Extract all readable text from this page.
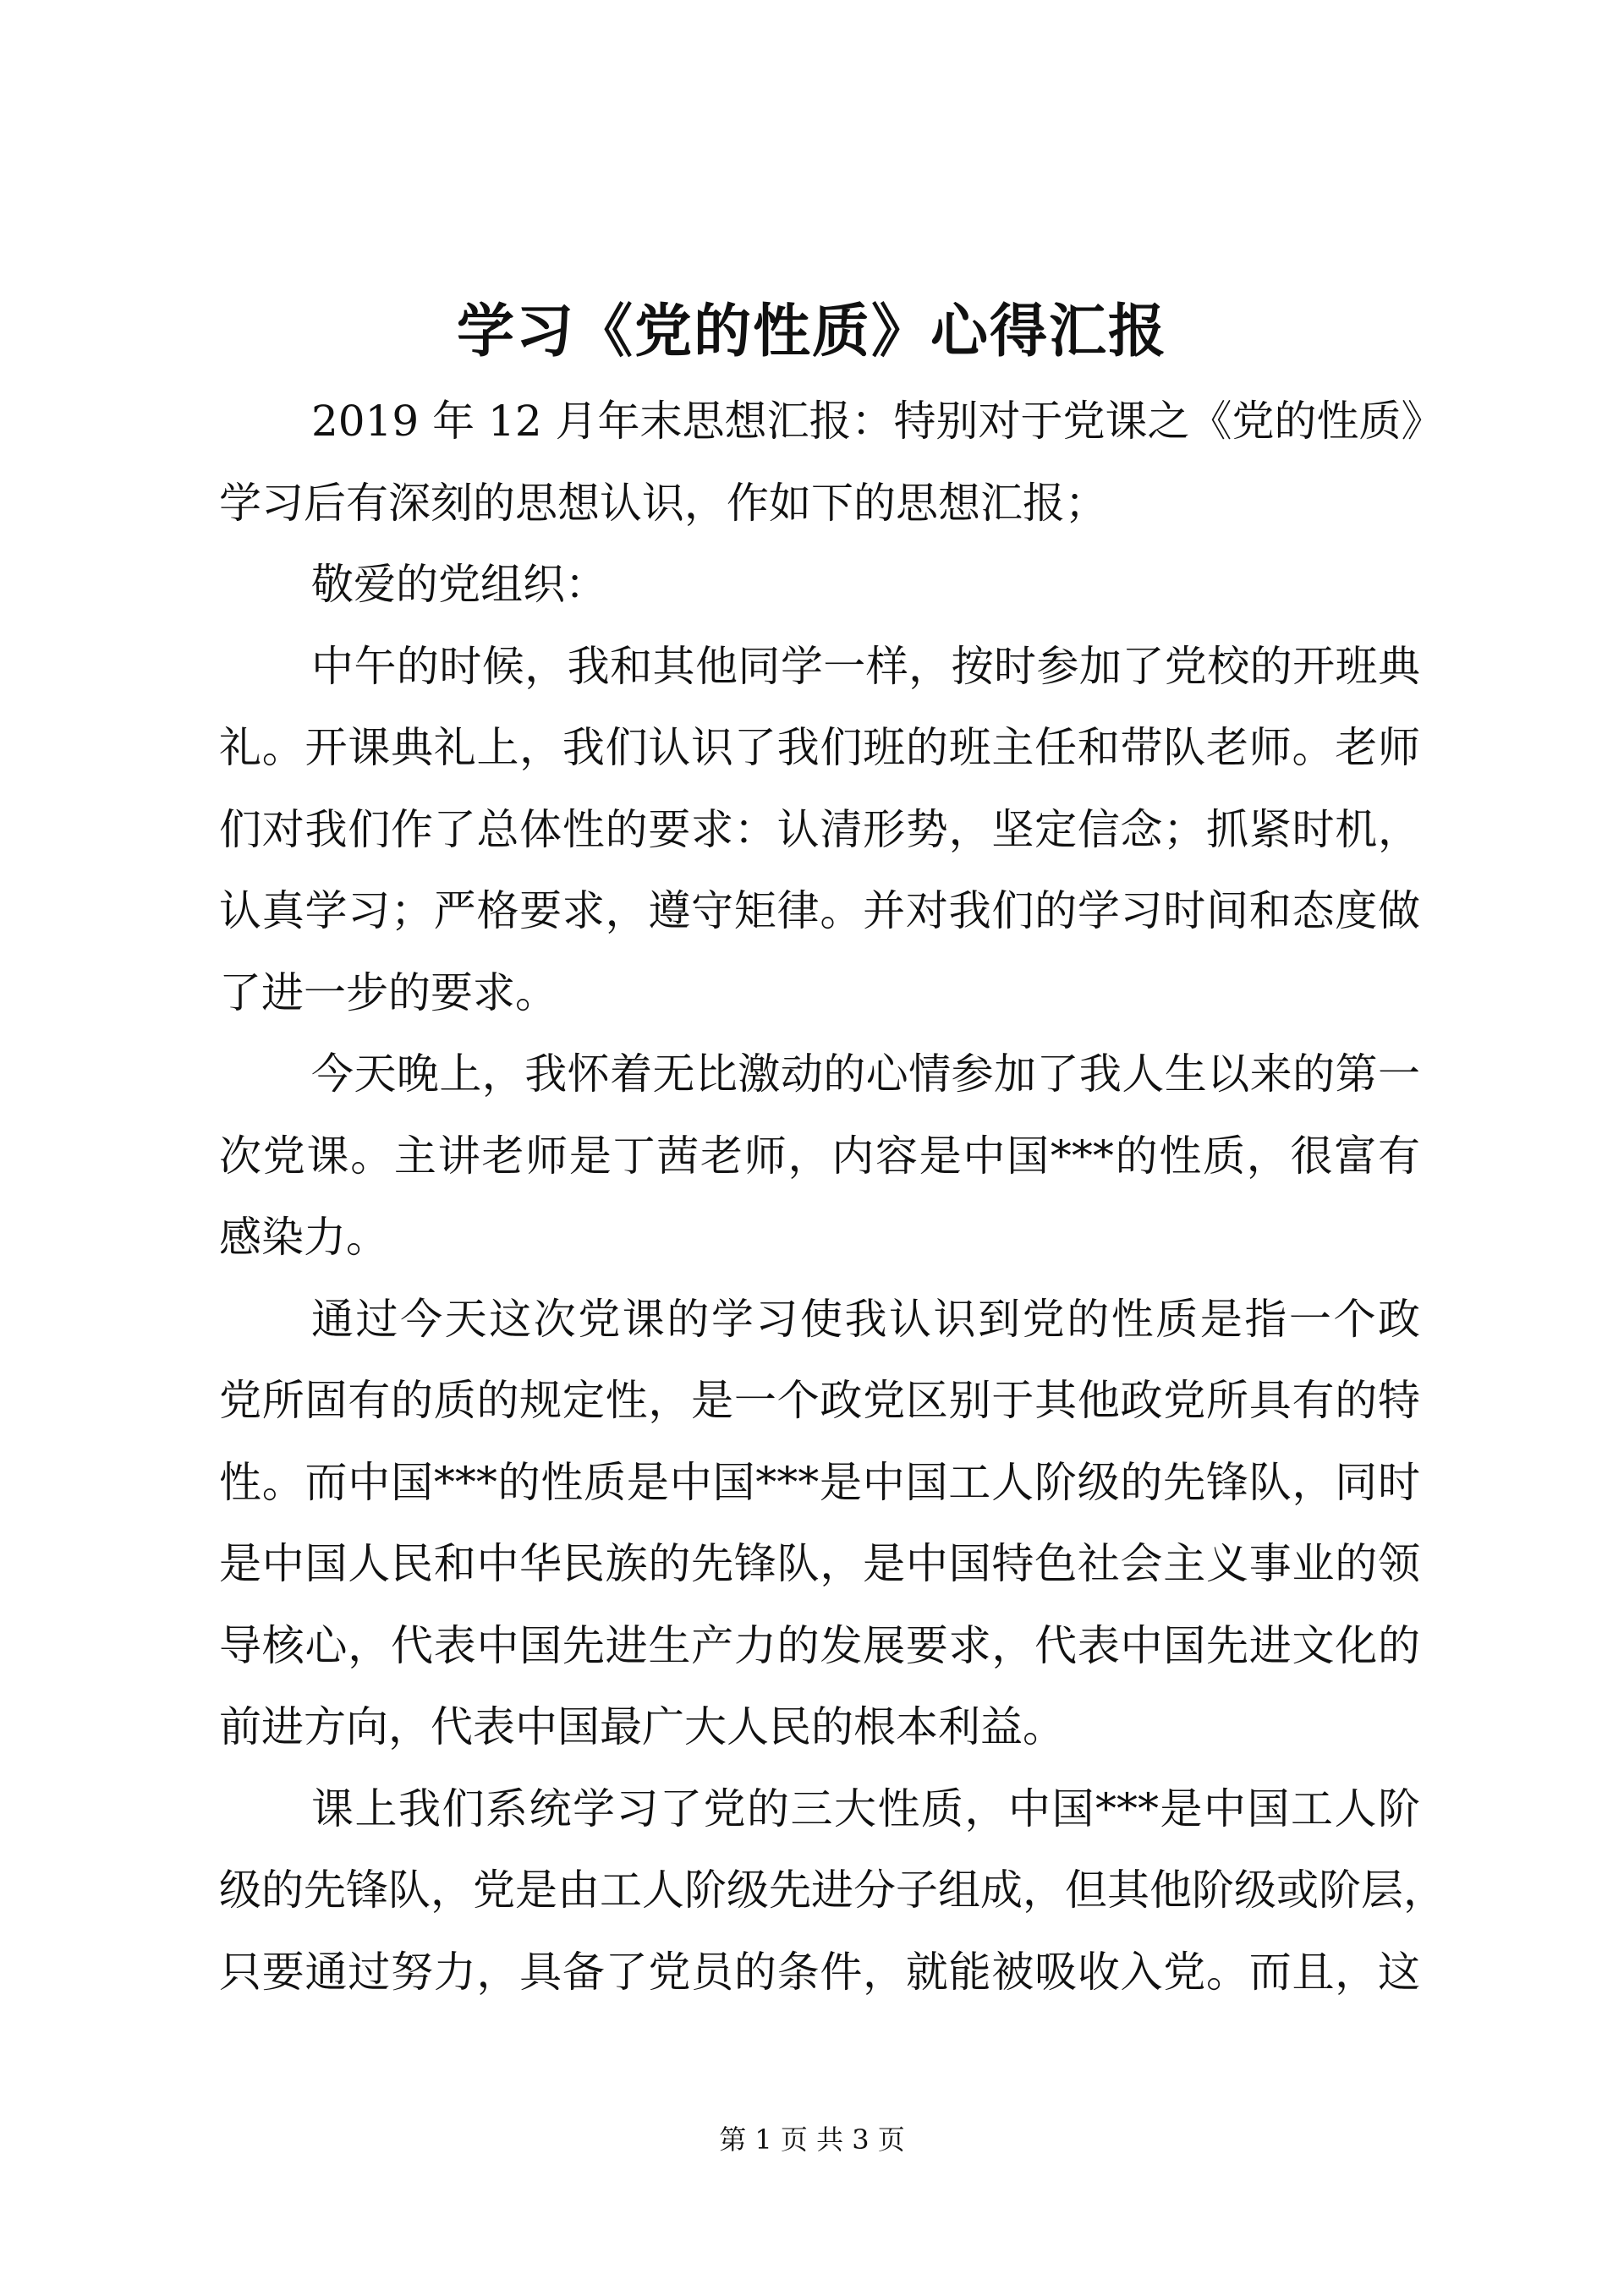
学习《党的性质》心得汇报
2019 年 12 月年末思想汇报：特别对于党课之《党的性质》
学习后有深刻的思想认识，作如下的思想汇报；
敬爱的党组织：
中午的时候，我和其他同学一样，按时参加了党校的开班典
礼。开课典礼上，我们认识了我们班的班主任和带队老师。老师
们对我们作了总体性的要求：认清形势，坚定信念；抓紧时机，
认真学习；严格要求，遵守矩律。并对我们的学习时间和态度做
了进一步的要求。
今天晚上，我怀着无比激动的心情参加了我人生以来的第一
次党课。主讲老师是丁茜老师，内容是中国***的性质，很富有
感染力。
通过今天这次党课的学习使我认识到党的性质是指一个政
党所固有的质的规定性，是一个政党区别于其他政党所具有的特
性。而中国***的性质是中国***是中国工人阶级的先锋队，同时
是中国人民和中华民族的先锋队，是中国特色社会主义事业的领
导核心，代表中国先进生产力的发展要求，代表中国先进文化的
前进方向，代表中国最广大人民的根本利益。
课上我们系统学习了党的三大性质，中国***是中国工人阶
级的先锋队，党是由工人阶级先进分子组成，但其他阶级或阶层，
只要通过努力，具备了党员的条件，就能被吸收入党。而且，这
第 1 页 共 3 页
